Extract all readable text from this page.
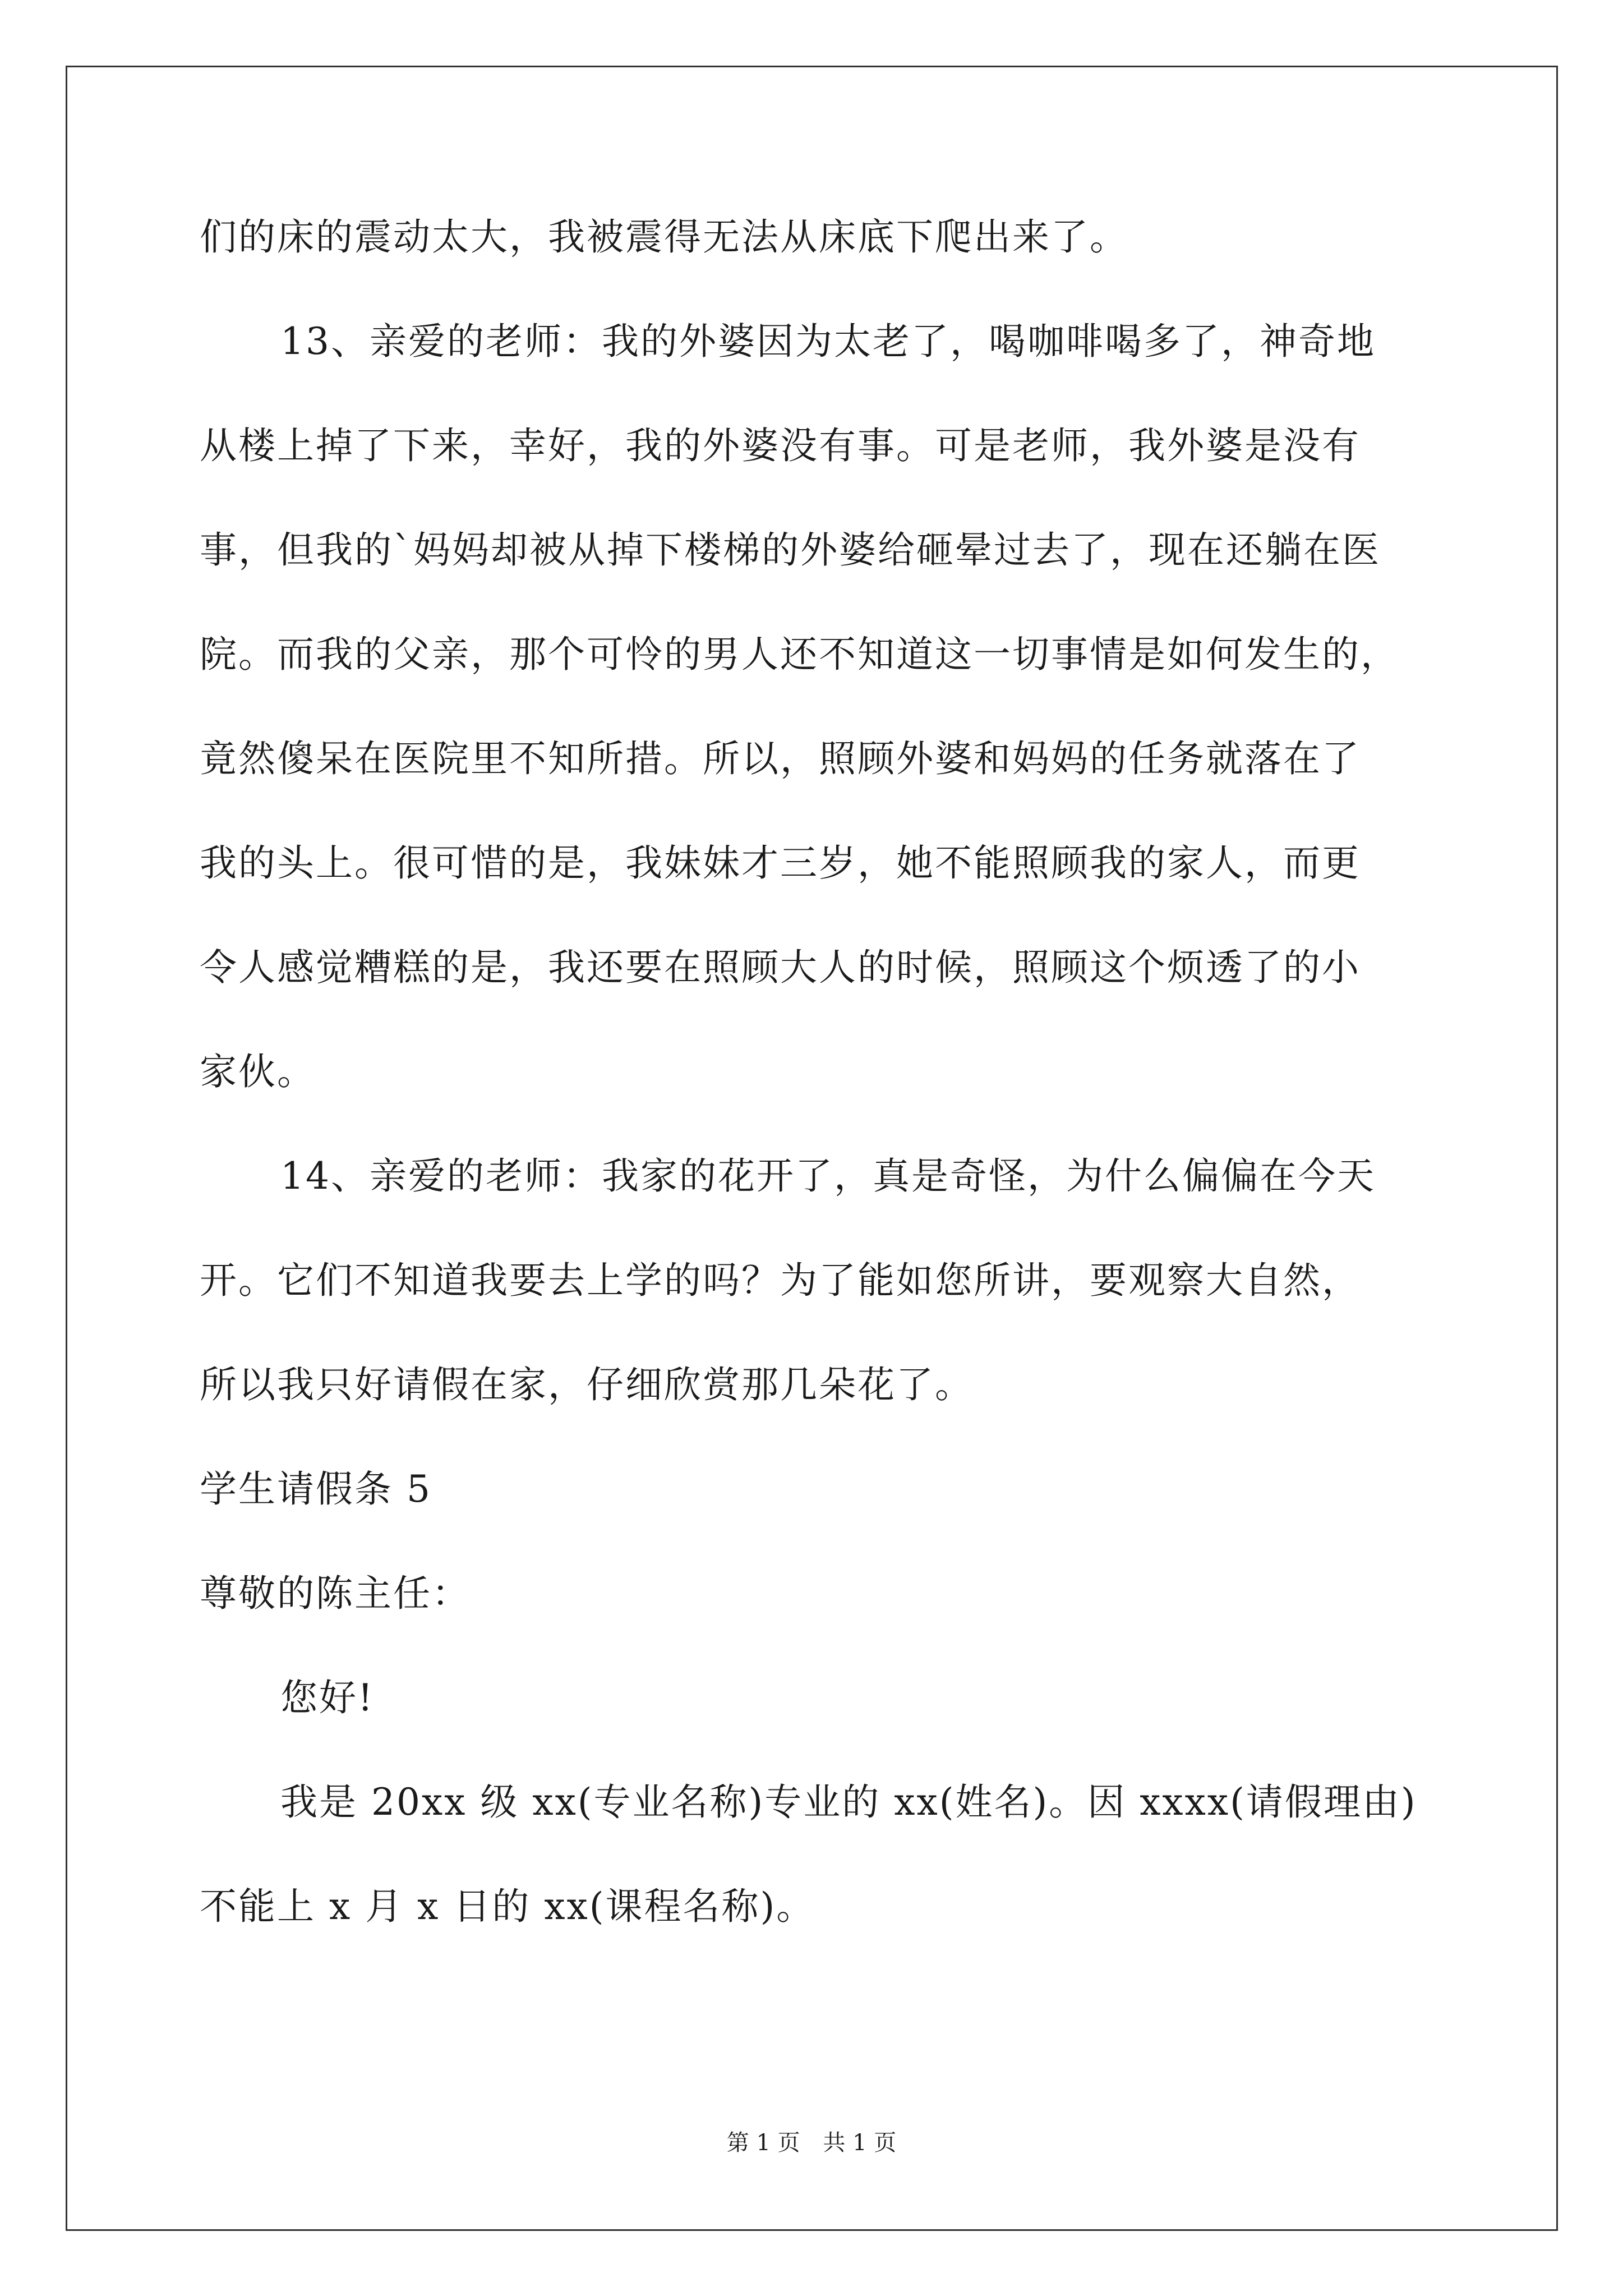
们的床的震动太大，我被震得无法从床底下爬出来了。
13、亲爱的老师：我的外婆因为太老了，喝咖啡喝多了，神奇地
从楼上掉了下来，幸好，我的外婆没有事。可是老师，我外婆是没有
事，但我的`妈妈却被从掉下楼梯的外婆给砸晕过去了，现在还躺在医
院。而我的父亲，那个可怜的男人还不知道这一切事情是如何发生的，
竟然傻呆在医院里不知所措。所以，照顾外婆和妈妈的任务就落在了
我的头上。很可惜的是，我妹妹才三岁，她不能照顾我的家人，而更
令人感觉糟糕的是，我还要在照顾大人的时候，照顾这个烦透了的小
家伙。
14、亲爱的老师：我家的花开了，真是奇怪，为什么偏偏在今天
开。它们不知道我要去上学的吗？为了能如您所讲，要观察大自然，
所以我只好请假在家，仔细欣赏那几朵花了。
学生请假条 5
尊敬的陈主任：
您好!
我是 20xx 级 xx(专业名称)专业的 xx(姓名)。因 xxxx(请假理由)
不能上 x 月 x 日的 xx(课程名称)。
第 1 页 共 1 页
